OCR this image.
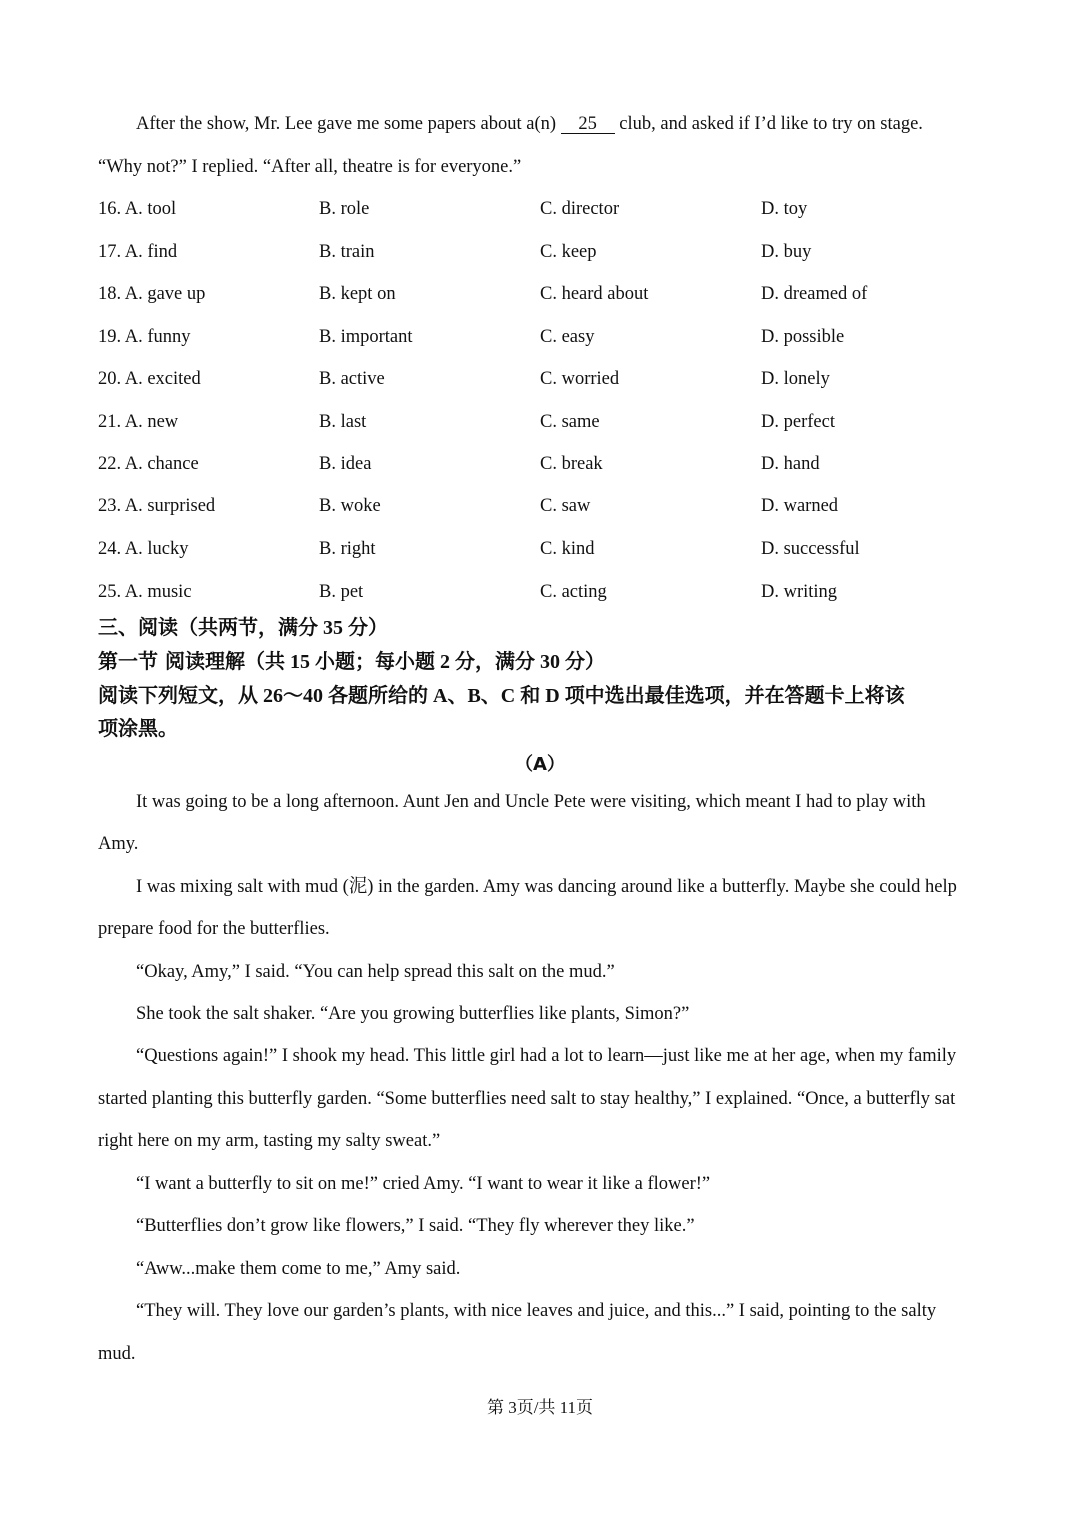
After the show, Mr. Lee gave me some papers about a(n) 25 club, and asked if I’d like to try on stage.
“Why not?” I replied. “After all, theatre is for everyone.”
16. A. tool	B. role	C. director	D. toy
17. A. find	B. train	C. keep	D. buy
18. A. gave up	B. kept on	C. heard about	D. dreamed of
19. A. funny	B. important	C. easy	D. possible
20. A. excited	B. active	C. worried	D. lonely
21. A. new	B. last	C. same	D. perfect
22. A. chance	B. idea	C. break	D. hand
23. A. surprised	B. woke	C. saw	D. warned
24. A. lucky	B. right	C. kind	D. successful
25. A. music	B. pet	C. acting	D. writing
三、阅读（共两节，满分 35 分）
第一节 阅读理解（共 15 小题；每小题 2 分，满分 30 分）
阅读下列短文，从 26～40 各题所给的 A、B、C 和 D 项中选出最佳选项，并在答题卡上将该
项涂黑。
（A）
It was going to be a long afternoon. Aunt Jen and Uncle Pete were visiting, which meant I had to play with
Amy.
I was mixing salt with mud (泥) in the garden. Amy was dancing around like a butterfly. Maybe she could help
prepare food for the butterflies.
“Okay, Amy,” I said. “You can help spread this salt on the mud.”
She took the salt shaker. “Are you growing butterflies like plants, Simon?”
“Questions again!” I shook my head. This little girl had a lot to learn—just like me at her age, when my family
started planting this butterfly garden. “Some butterflies need salt to stay healthy,” I explained. “Once, a butterfly sat
right here on my arm, tasting my salty sweat.”
“I want a butterfly to sit on me!” cried Amy. “I want to wear it like a flower!”
“Butterflies don’t grow like flowers,” I said. “They fly wherever they like.”
“Aww...make them come to me,” Amy said.
“They will. They love our garden’s plants, with nice leaves and juice, and this...” I said, pointing to the salty
mud.
第 3页/共 11页
